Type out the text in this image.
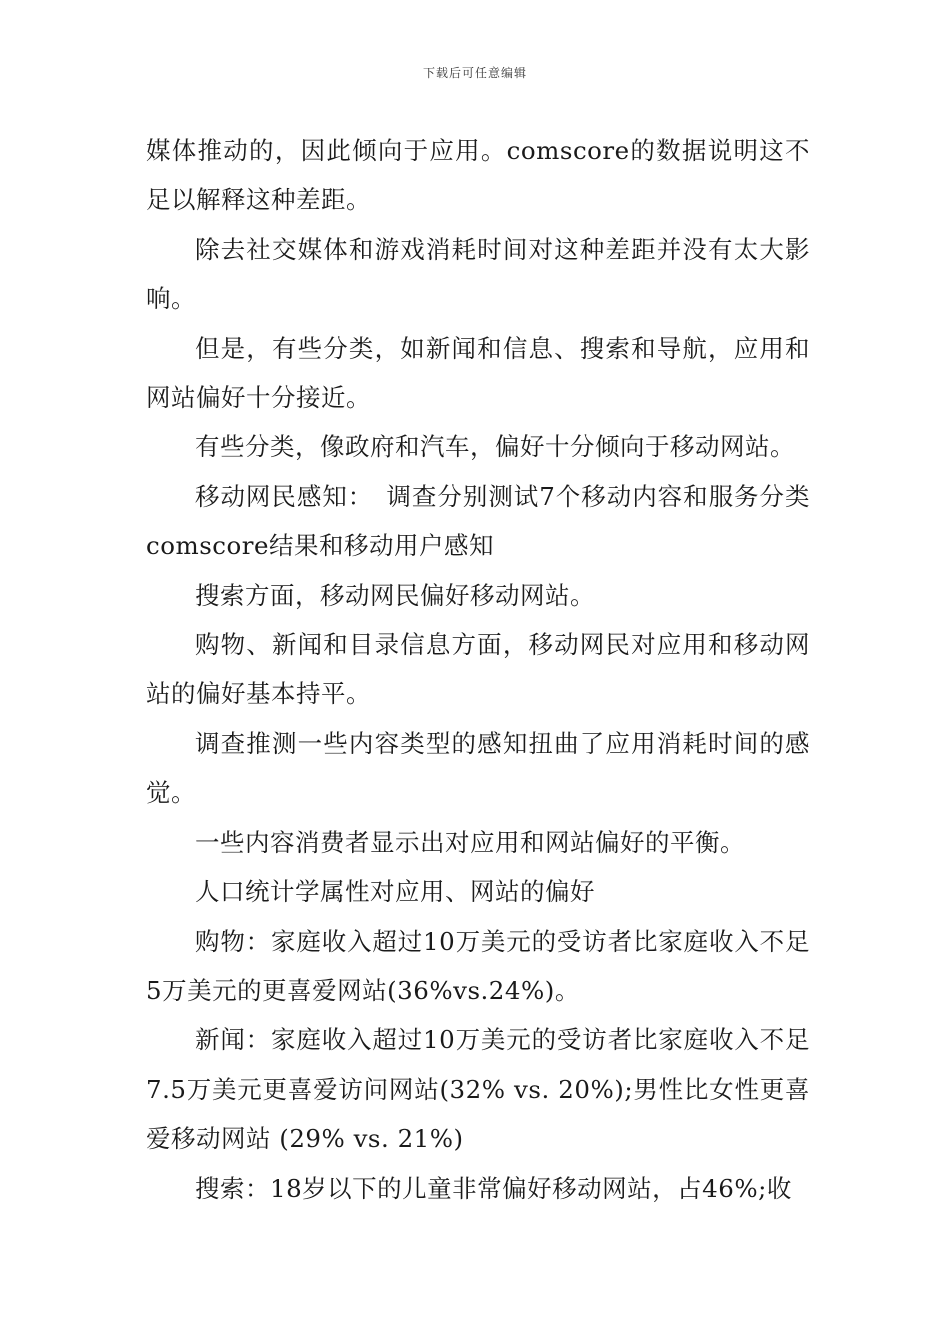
下载后可任意编辑

媒体推动的，因此倾向于应用。comscore的数据说明这不足以解释这种差距。

除去社交媒体和游戏消耗时间对这种差距并没有太大影响。

但是，有些分类，如新闻和信息、搜索和导航，应用和网站偏好十分接近。

有些分类，像政府和汽车，偏好十分倾向于移动网站。

移动网民感知：　调查分别测试7个移动内容和服务分类 comscore结果和移动用户感知

搜索方面，移动网民偏好移动网站。

购物、新闻和目录信息方面，移动网民对应用和移动网站的偏好基本持平。

调查推测一些内容类型的感知扭曲了应用消耗时间的感觉。

一些内容消费者显示出对应用和网站偏好的平衡。

人口统计学属性对应用、网站的偏好

购物：家庭收入超过10万美元的受访者比家庭收入不足5万美元的更喜爱网站(36%vs.24%)。

新闻：家庭收入超过10万美元的受访者比家庭收入不足7.5万美元更喜爱访问网站(32% vs. 20%);男性比女性更喜爱移动网站 (29% vs. 21%)

搜索：18岁以下的儿童非常偏好移动网站，占46%;收
